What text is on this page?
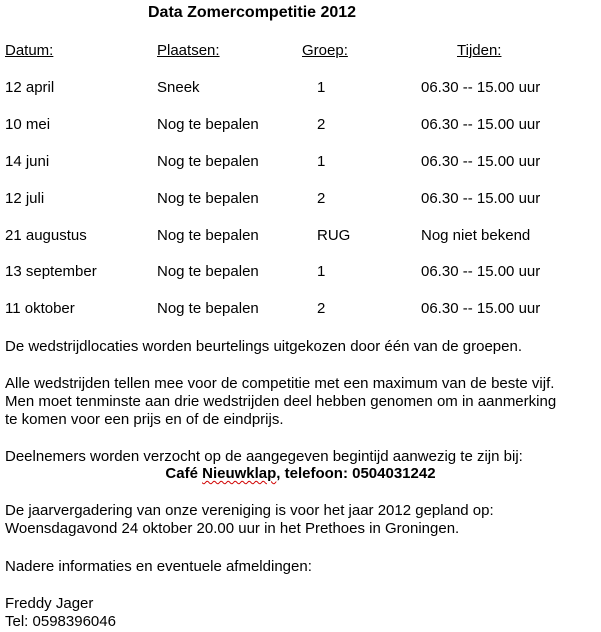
Data Zomercompetitie 2012
Datum:	Plaatsen:	Groep:	Tijden:
12 april	Sneek	1	06.30 -- 15.00 uur
10 mei	Nog te bepalen	2	06.30 -- 15.00 uur
14 juni	Nog te bepalen	1	06.30 -- 15.00 uur
12 juli	Nog te bepalen	2	06.30 -- 15.00 uur
21 augustus	Nog te bepalen	RUG	Nog niet bekend
13 september	Nog te bepalen	1	06.30 -- 15.00 uur
11 oktober	Nog te bepalen	2	06.30 -- 15.00 uur
De wedstrijdlocaties worden beurtelings uitgekozen door één van de groepen.
Alle wedstrijden tellen mee voor de competitie met een maximum van de beste vijf.
Men moet tenminste aan drie wedstrijden deel hebben genomen om in aanmerking
te komen voor een prijs en of de eindprijs.
Deelnemers worden verzocht op de aangegeven begintijd aanwezig te zijn bij:
Café Nieuwklap, telefoon: 0504031242
De jaarvergadering van onze vereniging is voor het jaar 2012 gepland op:
Woensdagavond 24 oktober 20.00 uur in het Prethoes in Groningen.
Nadere informaties en eventuele afmeldingen:
Freddy Jager
Tel: 0598396046
